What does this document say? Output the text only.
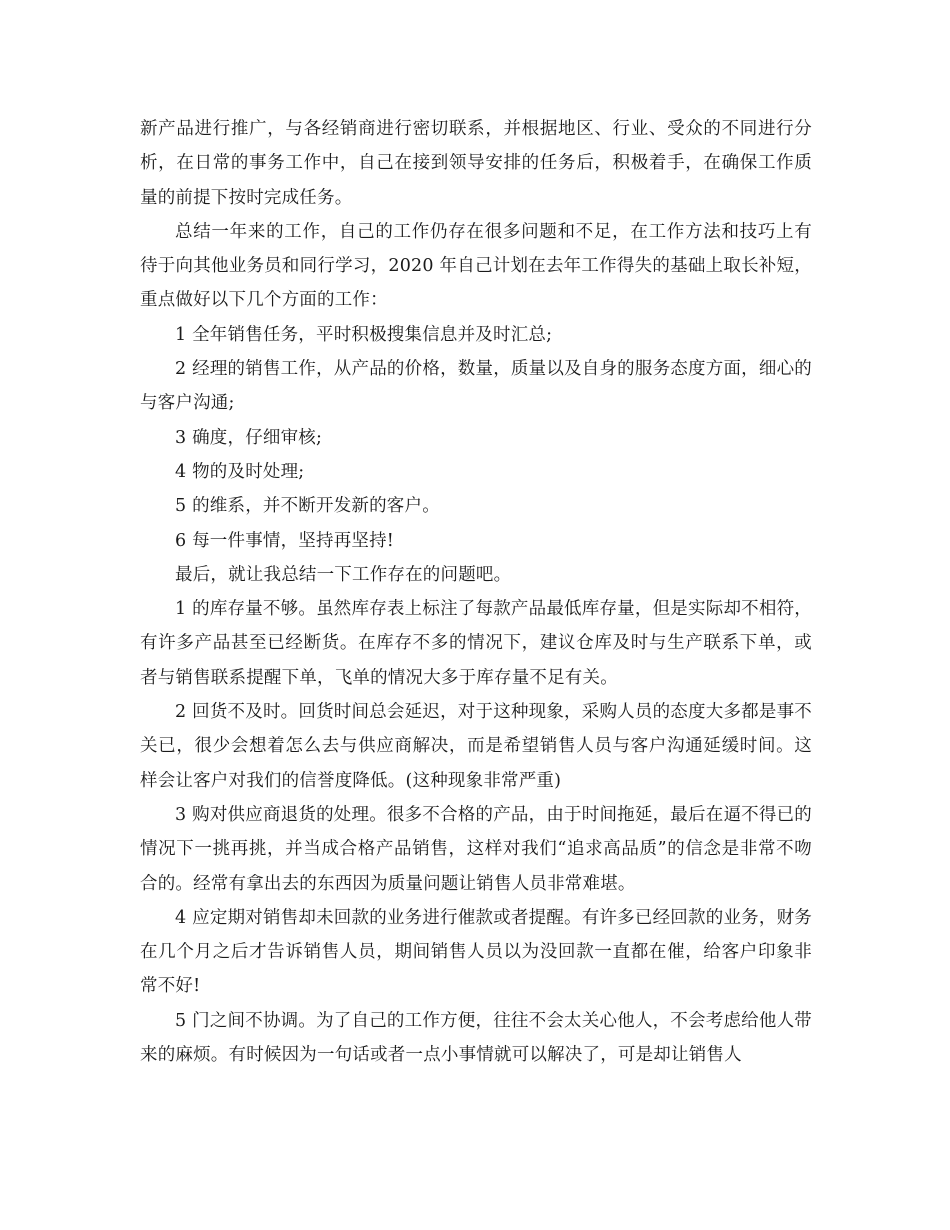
新产品进行推广，与各经销商进行密切联系，并根据地区、行业、受众的不同进行分析，在日常的事务工作中，自己在接到领导安排的任务后，积极着手，在确保工作质量的前提下按时完成任务。

总结一年来的工作，自己的工作仍存在很多问题和不足，在工作方法和技巧上有待于向其他业务员和同行学习，2020 年自己计划在去年工作得失的基础上取长补短，重点做好以下几个方面的工作：

1 全年销售任务，平时积极搜集信息并及时汇总;

2 经理的销售工作，从产品的价格，数量，质量以及自身的服务态度方面，细心的与客户沟通;

3 确度，仔细审核;

4 物的及时处理;

5 的维系，并不断开发新的客户。

6 每一件事情，坚持再坚持!

最后，就让我总结一下工作存在的问题吧。

1 的库存量不够。虽然库存表上标注了每款产品最低库存量，但是实际却不相符，有许多产品甚至已经断货。在库存不多的情况下，建议仓库及时与生产联系下单，或者与销售联系提醒下单，飞单的情况大多于库存量不足有关。

2 回货不及时。回货时间总会延迟，对于这种现象，采购人员的态度大多都是事不关已，很少会想着怎么去与供应商解决，而是希望销售人员与客户沟通延缓时间。这样会让客户对我们的信誉度降低。(这种现象非常严重)

3 购对供应商退货的处理。很多不合格的产品，由于时间拖延，最后在逼不得已的情况下一挑再挑，并当成合格产品销售，这样对我们“追求高品质”的信念是非常不吻合的。经常有拿出去的东西因为质量问题让销售人员非常难堪。

4 应定期对销售却未回款的业务进行催款或者提醒。有许多已经回款的业务，财务在几个月之后才告诉销售人员，期间销售人员以为没回款一直都在催，给客户印象非常不好!

5 门之间不协调。为了自己的工作方便，往往不会太关心他人，不会考虑给他人带来的麻烦。有时候因为一句话或者一点小事情就可以解决了，可是却让销售人
